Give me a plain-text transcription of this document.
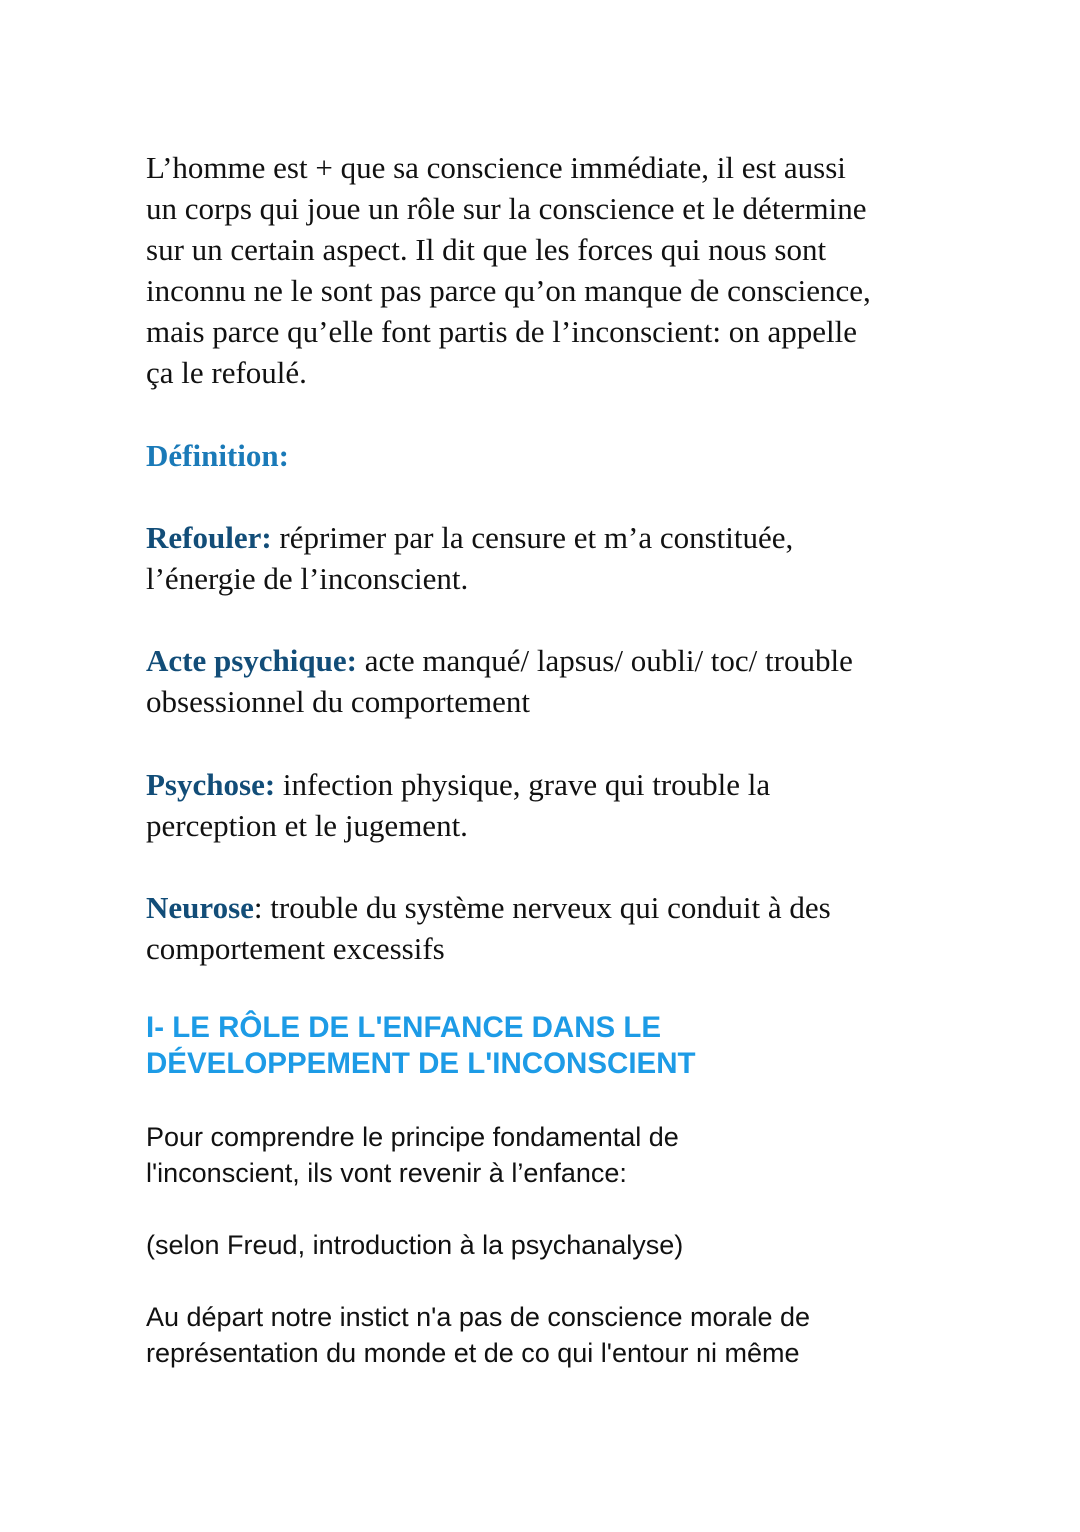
L’homme est + que sa conscience immédiate, il est aussi
un corps qui joue un rôle sur la conscience et le détermine
sur un certain aspect. Il dit que les forces qui nous sont
inconnu ne le sont pas parce qu’on manque de conscience,
mais parce qu’elle font partis de l’inconscient: on appelle
ça le refoulé.
Définition:
Refouler: réprimer par la censure et m’a constituée,
l’énergie de l’inconscient.
Acte psychique: acte manqué/ lapsus/ oubli/ toc/ trouble
obsessionnel du comportement
Psychose: infection physique, grave qui trouble la
perception et le jugement.
Neurose: trouble du système nerveux qui conduit à des
comportement excessifs
I- LE RÔLE DE L'ENFANCE DANS LE
DÉVELOPPEMENT DE L'INCONSCIENT
Pour comprendre le principe fondamental de
l'inconscient, ils vont revenir à l’enfance:
(selon Freud, introduction à la psychanalyse)
Au départ notre instict n'a pas de conscience morale de
représentation du monde et de co qui l'entour ni même
